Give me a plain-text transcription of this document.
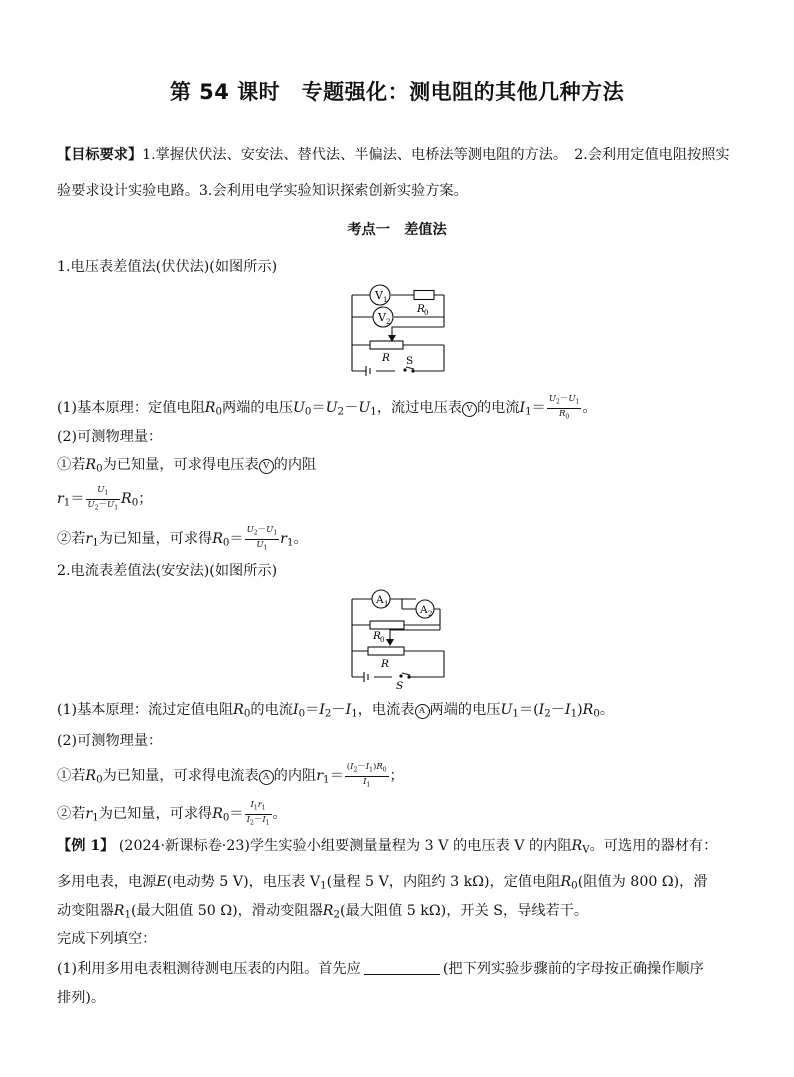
第 54 课时　专题强化：测电阻的其他几种方法
【目标要求】1.掌握伏伏法、安安法、替代法、半偏法、电桥法等测电阻的方法。　2.会利用定值电阻按照实
验要求设计实验电路。3.会利用电学实验知识探索创新实验方案。
考点一　差值法
1.电压表差值法(伏伏法)(如图所示)
V 1
V 2
R 0
R S
(1)基本原理：定值电阻$R_0$两端的电压$U_0=U_2-U_1$，流过电压表 V 的电流$I_1= \frac{U_2-U_1}{R_0}$ 。
(2)可测物理量：
①若$R_0$为已知量，可求得电压表 V 的内阻
$r_1= \frac{U_1}{U_2-U_1} R_0$；
②若$r_1$为已知量，可求得$R_0= \frac{U_2-U_1}{U_1} r_1$。
2.电流表差值法(安安法)(如图所示)
A 1	A 2
R 0
R
S
(1)基本原理：流过定值电阻$R_0$的电流$I_0=I_2-I_1$，电流表 A 两端的电压$U_1=(I_2-I_1)R_0$。
(2)可测物理量：
①若$R_0$为已知量，可求得电流表 A 的内阻$r_1= \frac{(I_2-I_1)R_0}{I_1}$ ；
②若$r_1$为已知量，可求得$R_0= \frac{I_1r_1}{I_2-I_1}$ 。
【例 1】 (2024·新课标卷·23)学生实验小组要测量量程为 3 V 的电压表 V 的内阻$R_V$。可选用的器材有：
多用电表，电源E(电动势 5 V)，电压表 $V_1$(量程 5 V，内阻约 3 kΩ)，定值电阻$R_0$(阻值为 800 Ω)，滑
动变阻器$R_1$(最大阻值 50 Ω)，滑动变阻器$R_2$(最大阻值 5 kΩ)，开关 S，导线若干。
完成下列填空：
(1)利用多用电表粗测待测电压表的内阻。首先应	(把下列实验步骤前的字母按正确操作顺序
排列)。
